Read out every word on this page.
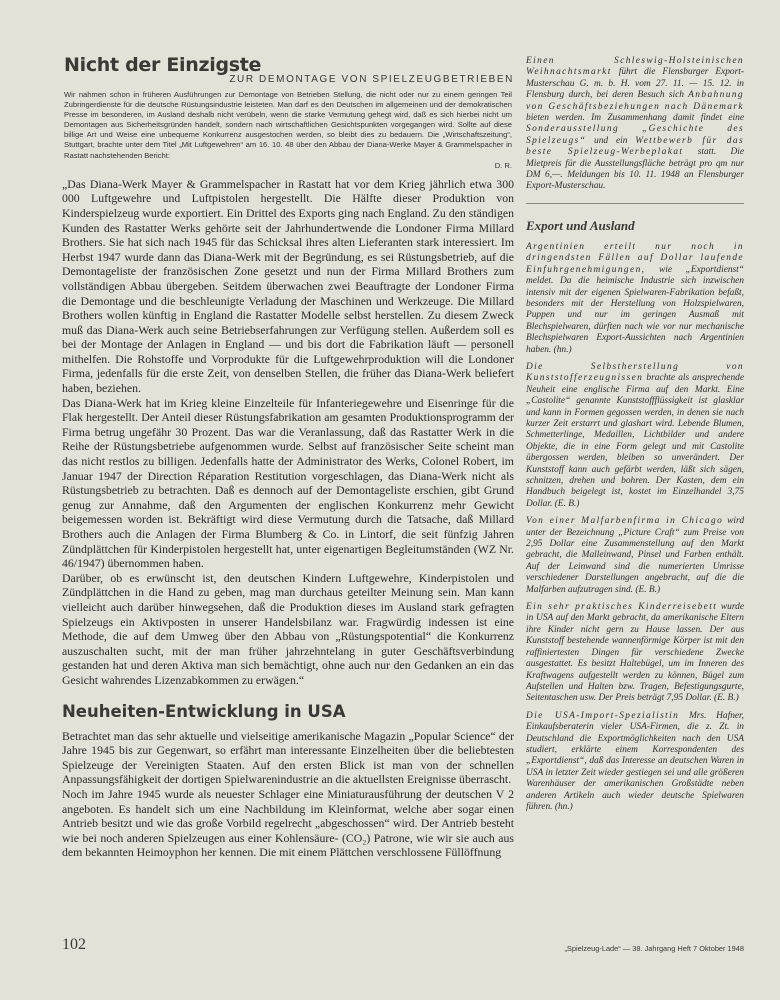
Nicht der Einzigste
ZUR DEMONTAGE VON SPIELZEUGBETRIEBEN
Wir nahmen schon in früheren Ausführungen zur Demontage von Betrieben Stellung, die nicht oder nur zu einem geringen Teil Zubringerdienste für die deutsche Rüstungsindustrie leisteten. Man darf es den Deutschen im allgemeinen und der demokratischen Presse im besonderen, im Ausland deshalb nicht verübeln, wenn die starke Vermutung gehegt wird, daß es sich hierbei nicht um Demontagen aus Sicherheitsgründen handelt, sondern nach wirtschaftlichen Gesichtspunkten vorgegangen wird. Sollte auf diese billige Art und Weise eine unbequeme Konkurrenz ausgestochen werden, so bleibt dies zu bedauern. Die „Wirtschaftszeitung“, Stuttgart, brachte unter dem Titel „Mit Luftgewehren“ am 16. 10. 48 über den Abbau der Diana-Werke Mayer & Grammelspacher in Rastatt nachstehenden Bericht:
D. R.

„Das Diana-Werk Mayer & Grammelspacher in Rastatt hat vor dem Krieg jährlich etwa 300 000 Luftgewehre und Luftpistolen hergestellt. Die Hälfte dieser Produktion von Kinderspielzeug wurde exportiert. Ein Drittel des Exports ging nach England. Zu den ständigen Kunden des Rastatter Werks gehörte seit der Jahrhundertwende die Londoner Firma Millard Brothers. Sie hat sich nach 1945 für das Schicksal ihres alten Lieferanten stark interessiert. Im Herbst 1947 wurde dann das Diana-Werk mit der Begründung, es sei Rüstungsbetrieb, auf die Demontageliste der französischen Zone gesetzt und nun der Firma Millard Brothers zum vollständigen Abbau übergeben. Seitdem überwachen zwei Beauftragte der Londoner Firma die Demontage und die beschleunigte Verladung der Maschinen und Werkzeuge. Die Millard Brothers wollen künftig in England die Rastatter Modelle selbst herstellen. Zu diesem Zweck muß das Diana-Werk auch seine Betriebserfahrungen zur Verfügung stellen. Außerdem soll es bei der Montage der Anlagen in England — und bis dort die Fabrikation läuft — personell mithelfen. Die Rohstoffe und Vorprodukte für die Luftgewehrproduktion will die Londoner Firma, jedenfalls für die erste Zeit, von denselben Stellen, die früher das Diana-Werk beliefert haben, beziehen.

Das Diana-Werk hat im Krieg kleine Einzelteile für Infanteriegewehre und Eisenringe für die Flak hergestellt. Der Anteil dieser Rüstungsfabrikation am gesamten Produktionsprogramm der Firma betrug ungefähr 30 Prozent. Das war die Veranlassung, daß das Rastatter Werk in die Reihe der Rüstungsbetriebe aufgenommen wurde. Selbst auf französischer Seite scheint man das nicht restlos zu billigen. Jedenfalls hatte der Administrator des Werks, Colonel Robert, im Januar 1947 der Direction Réparation Restitution vorgeschlagen, das Diana-Werk nicht als Rüstungsbetrieb zu betrachten. Daß es dennoch auf der Demontageliste erschien, gibt Grund genug zur Annahme, daß den Argumenten der englischen Konkurrenz mehr Gewicht beigemessen worden ist. Bekräftigt wird diese Vermutung durch die Tatsache, daß Millard Brothers auch die Anlagen der Firma Blumberg & Co. in Lintorf, die seit fünfzig Jahren Zündplättchen für Kinderpistolen hergestellt hat, unter eigenartigen Begleitumständen (WZ Nr. 46/1947) übernommen haben.

Darüber, ob es erwünscht ist, den deutschen Kindern Luftgewehre, Kinderpistolen und Zündplättchen in die Hand zu geben, mag man durchaus geteilter Meinung sein. Man kann vielleicht auch darüber hinwegsehen, daß die Produktion dieses im Ausland stark gefragten Spielzeugs ein Aktivposten in unserer Handelsbilanz war. Fragwürdig indessen ist eine Methode, die auf dem Umweg über den Abbau von „Rüstungspotential“ die Konkurrenz auszuschalten sucht, mit der man früher jahrzehntelang in guter Geschäftsverbindung gestanden hat und deren Aktiva man sich bemächtigt, ohne auch nur den Gedanken an ein das Gesicht wahrendes Lizenzabkommen zu erwägen.“

Neuheiten-Entwicklung in USA

Betrachtet man das sehr aktuelle und vielseitige amerikanische Magazin „Popular Science“ der Jahre 1945 bis zur Gegenwart, so erfährt man interessante Einzelheiten über die beliebtesten Spielzeuge der Vereinigten Staaten. Auf den ersten Blick ist man von der schnellen Anpassungsfähigkeit der dortigen Spielwarenindustrie an die aktuellsten Ereignisse überrascht.

Noch im Jahre 1945 wurde als neuester Schlager eine Miniaturausführung der deutschen V 2 angeboten. Es handelt sich um eine Nachbildung im Kleinformat, welche aber sogar einen Antrieb besitzt und wie das große Vorbild regelrecht „abgeschossen“ wird. Der Antrieb besteht wie bei noch anderen Spielzeugen aus einer Kohlensäure- (CO₂) Patrone, wie wir sie auch aus dem bekannten Heimoyphon her kennen. Die mit einem Plättchen verschlossene Füllöffnung

Einen Schleswig-Holsteinischen Weihnachtsmarkt führt die Flensburger Export-Musterschau G. m. b. H. vom 27. 11. — 15. 12. in Flensburg durch, bei deren Besuch sich Anbahnung von Geschäftsbeziehungen nach Dänemark bieten werden. Im Zusammenhang damit findet eine Sonderausstellung „Geschichte des Spielzeugs“ und ein Wettbewerb für das beste Spielzeug-Werbeplakat statt. Die Mietpreis für die Ausstellungsfläche beträgt pro qm nur DM 6,—. Meldungen bis 10. 11. 1948 an Flensburger Export-Musterschau.

Export und Ausland

Argentinien erteilt nur noch in dringendsten Fällen auf Dollar laufende Einfuhrgenehmigungen, wie „Exportdienst“ meldet. Da die heimische Industrie sich inzwischen intensiv mit der eigenen Spielwaren-Fabrikation befaßt, besonders mit der Herstellung von Holzspielwaren, Puppen und nur im geringen Ausmaß mit Blechspielwaren, dürften nach wie vor nur mechanische Blechspielwaren Export-Aussichten nach Argentinien haben. (hn.)

Die Selbstherstellung von Kunststofferzeugnissen brachte als ansprechende Neuheit eine englische Firma auf den Markt. Eine „Castolite“ genannte Kunststoffflüssigkeit ist glasklar und kann in Formen gegossen werden, in denen sie nach kurzer Zeit erstarrt und glashart wird. Lebende Blumen, Schmetterlinge, Medaillen, Lichtbilder und andere Objekte, die in eine Form gelegt und mit Castolite übergossen werden, bleiben so unverändert. Der Kunststoff kann auch gefärbt werden, läßt sich sägen, schnitzen, drehen und bohren. Der Kasten, dem ein Handbuch beigelegt ist, kostet im Einzelhandel 3,75 Dollar. (E. B.)

Von einer Malfarbenfirma in Chicago wird unter der Bezeichnung „Picture Craft“ zum Preise von 2,95 Dollar eine Zusammenstellung auf den Markt gebracht, die Malleinwand, Pinsel und Farben enthält. Auf der Leinwand sind die numerierten Umrisse verschiedener Darstellungen angebracht, auf die die Malfarben aufzutragen sind. (E. B.)

Ein sehr praktisches Kinderreisebett wurde in USA auf den Markt gebracht, da amerikanische Eltern ihre Kinder nicht gern zu Hause lassen. Der aus Kunststoff bestehende wannenförmige Körper ist mit den raffiniertesten Dingen für verschiedene Zwecke ausgestattet. Es besitzt Haltebügel, um im Inneren des Kraftwagens aufgestellt werden zu können, Bügel zum Aufstellen und Halten bzw. Tragen, Befestigungsgurte, Seitentaschen usw. Der Preis beträgt 7,95 Dollar. (E. B.)

Die USA-Import-Spezialistin Mrs. Hafner, Einkaufsberaterin vieler USA-Firmen, die z. Zt. in Deutschland die Exportmöglichkeiten nach den USA studiert, erklärte einem Korrespondenten des „Exportdienst“, daß das Interesse an deutschen Waren in USA in letzter Zeit wieder gestiegen sei und alle größeren Warenhäuser der amerikanischen Großstädte neben anderen Artikeln auch wieder deutsche Spielwaren führen. (hn.)

102	„Spielzeug-Lade“ — 38. Jahrgang Heft 7 Oktober 1948
